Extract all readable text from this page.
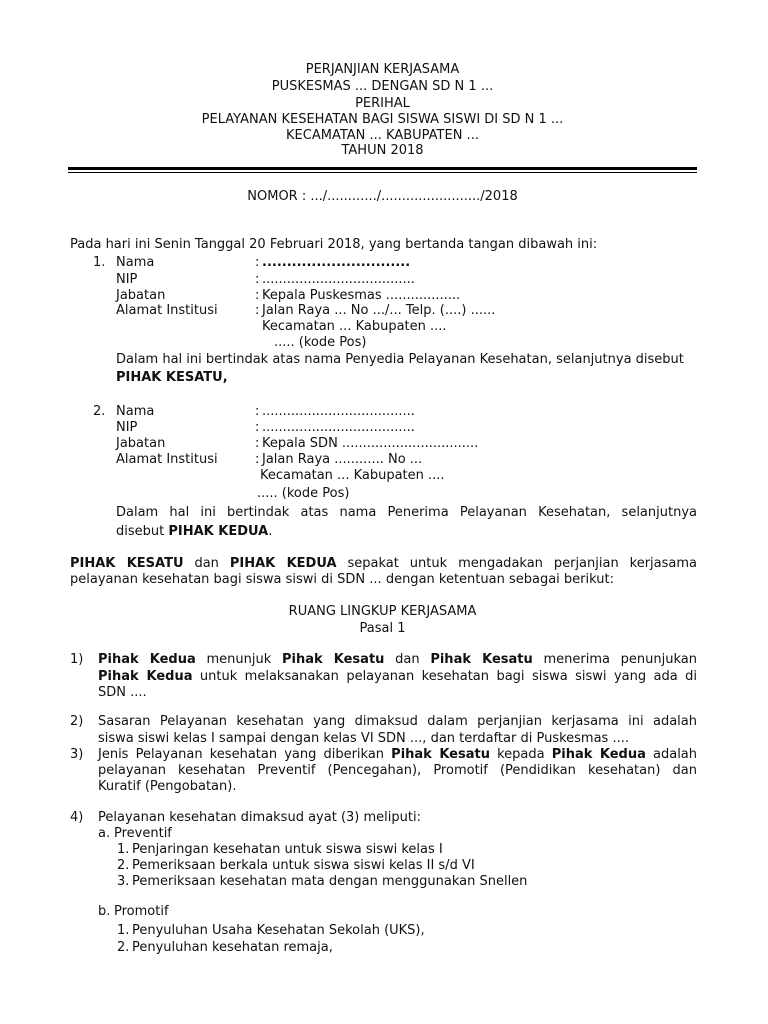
PERJANJIAN KERJASAMA
PUSKESMAS ... DENGAN SD N 1 ...
PERIHAL
PELAYANAN KESEHATAN BAGI SISWA SISWI DI SD N 1 ...
KECAMATAN ... KABUPATEN ...
TAHUN 2018
NOMOR : .../............/......................../2018
Pada hari ini Senin Tanggal 20 Februari 2018, yang bertanda tangan dibawah ini:
1. Nama	: ..............................
NIP	: .....................................
Jabatan	: Kepala Puskesmas ..................
Alamat Institusi	: Jalan Raya ... No .../... Telp. (....) ......
Kecamatan ... Kabupaten ....
..... (kode Pos)
Dalam hal ini bertindak atas nama Penyedia Pelayanan Kesehatan, selanjutnya disebut
PIHAK KESATU,
2. Nama	: .....................................
NIP	: .....................................
Jabatan	: Kepala SDN .................................
Alamat Institusi	: Jalan Raya ............ No ...
Kecamatan ... Kabupaten ....
..... (kode Pos)
Dalam hal ini bertindak atas nama Penerima Pelayanan Kesehatan, selanjutnya
disebut PIHAK KEDUA.
PIHAK KESATU dan PIHAK KEDUA sepakat untuk mengadakan perjanjian kerjasama
pelayanan kesehatan bagi siswa siswi di SDN ... dengan ketentuan sebagai berikut:
RUANG LINGKUP KERJASAMA
Pasal 1
1) Pihak Kedua menunjuk Pihak Kesatu dan Pihak Kesatu menerima penunjukan
Pihak Kedua untuk melaksanakan pelayanan kesehatan bagi siswa siswi yang ada di
SDN ....
2) Sasaran Pelayanan kesehatan yang dimaksud dalam perjanjian kerjasama ini adalah
siswa siswi kelas I sampai dengan kelas VI SDN ..., dan terdaftar di Puskesmas ....
3) Jenis Pelayanan kesehatan yang diberikan Pihak Kesatu kepada Pihak Kedua adalah
pelayanan kesehatan Preventif (Pencegahan), Promotif (Pendidikan kesehatan) dan
Kuratif (Pengobatan).
4) Pelayanan kesehatan dimaksud ayat (3) meliputi:
a. Preventif
1. Penjaringan kesehatan untuk siswa siswi kelas I
2. Pemeriksaan berkala untuk siswa siswi kelas II s/d VI
3. Pemeriksaan kesehatan mata dengan menggunakan Snellen
b. Promotif
1. Penyuluhan Usaha Kesehatan Sekolah (UKS),
2. Penyuluhan kesehatan remaja,
